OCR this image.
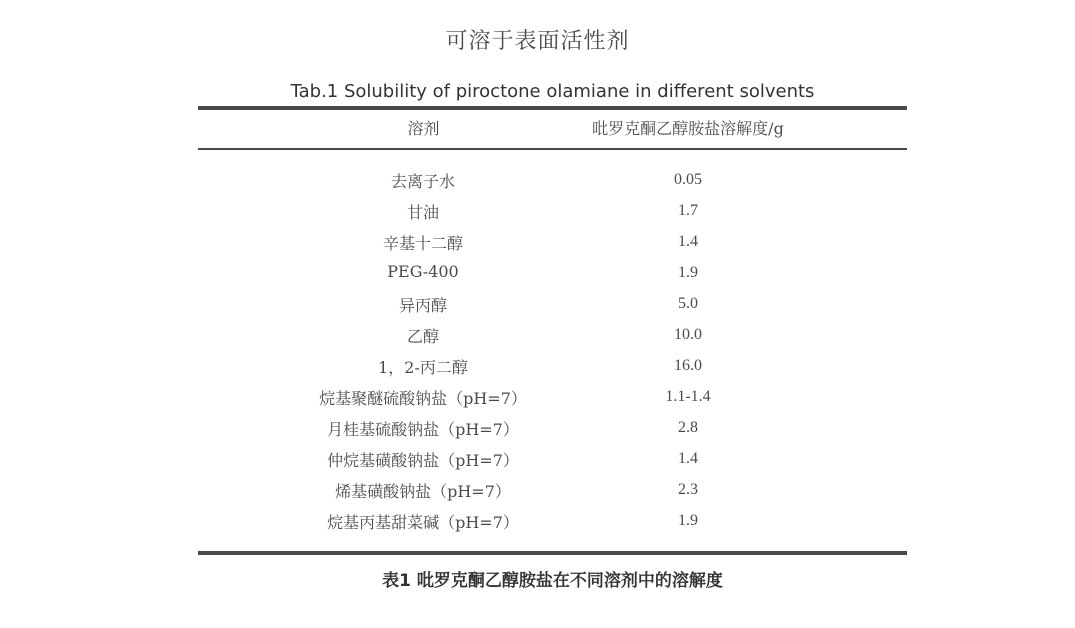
可溶于表面活性剂
Tab.1 Solubility of piroctone olamiane in different solvents
溶剂	吡罗克酮乙醇胺盐溶解度/g
去离子水	0.05
甘油	1.7
辛基十二醇	1.4
PEG-400	1.9
异丙醇	5.0
乙醇	10.0
1，2-丙二醇	16.0
烷基聚醚硫酸钠盐（pH=7）	1.1-1.4
月桂基硫酸钠盐（pH=7）	2.8
仲烷基磺酸钠盐（pH=7）	1.4
烯基磺酸钠盐（pH=7）	2.3
烷基丙基甜菜碱（pH=7）	1.9
表1 吡罗克酮乙醇胺盐在不同溶剂中的溶解度
